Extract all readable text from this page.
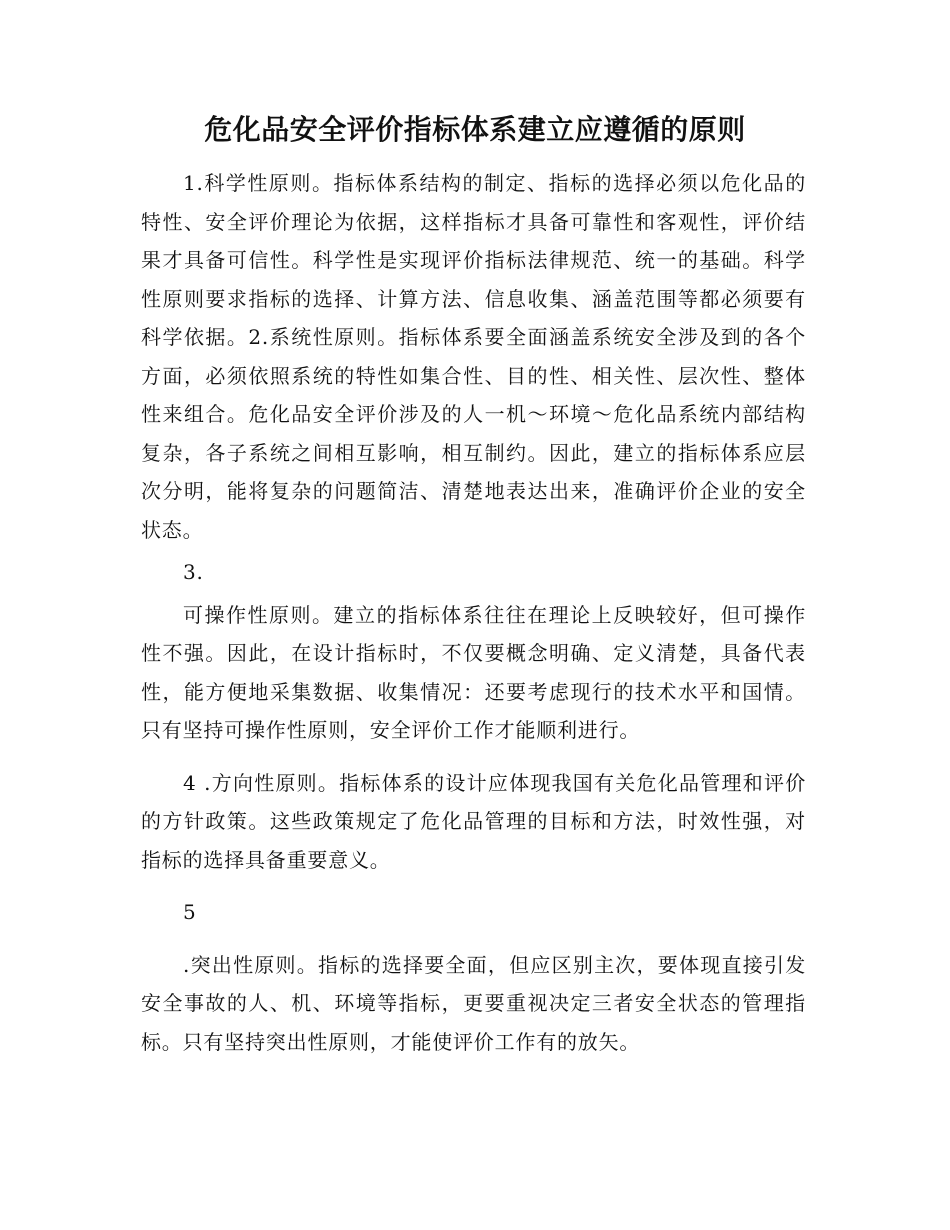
危化品安全评价指标体系建立应遵循的原则

1.科学性原则。指标体系结构的制定、指标的选择必须以危化品的特性、安全评价理论为依据，这样指标才具备可靠性和客观性，评价结果才具备可信性。科学性是实现评价指标法律规范、统一的基础。科学性原则要求指标的选择、计算方法、信息收集、涵盖范围等都必须要有科学依据。2.系统性原则。指标体系要全面涵盖系统安全涉及到的各个方面，必须依照系统的特性如集合性、目的性、相关性、层次性、整体性来组合。危化品安全评价涉及的人一机～环境～危化品系统内部结构复杂，各子系统之间相互影响，相互制约。因此，建立的指标体系应层次分明，能将复杂的问题简洁、清楚地表达出来，准确评价企业的安全状态。

3.

可操作性原则。建立的指标体系往往在理论上反映较好，但可操作性不强。因此，在设计指标时，不仅要概念明确、定义清楚，具备代表性，能方便地采集数据、收集情况：还要考虑现行的技术水平和国情。只有坚持可操作性原则，安全评价工作才能顺利进行。

4 .方向性原则。指标体系的设计应体现我国有关危化品管理和评价的方针政策。这些政策规定了危化品管理的目标和方法，时效性强，对指标的选择具备重要意义。

5

.突出性原则。指标的选择要全面，但应区别主次，要体现直接引发安全事故的人、机、环境等指标，更要重视决定三者安全状态的管理指标。只有坚持突出性原则，才能使评价工作有的放矢。
